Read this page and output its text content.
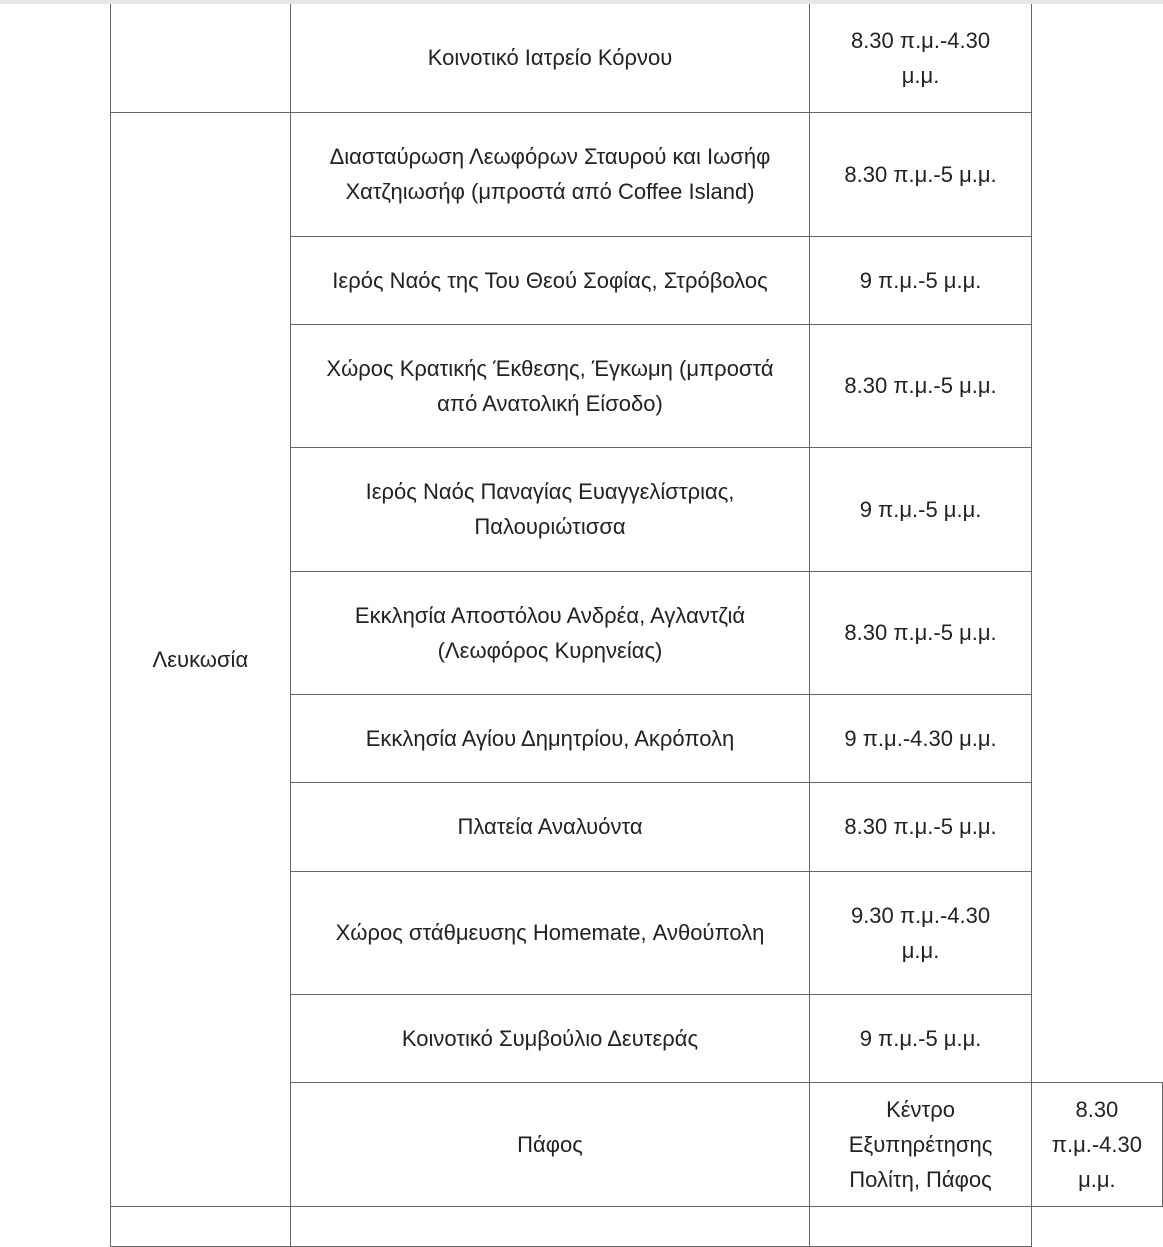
	Κοινοτικό Ιατρείο Κόρνου	8.30 π.μ.-4.30 μ.μ.	
Λευκωσία	Διασταύρωση Λεωφόρων Σταυρού και Ιωσήφ Χατζηιωσήφ (μπροστά από Coffee Island)	8.30 π.μ.-5 μ.μ.	
	Ιερός Ναός της Του Θεού Σοφίας, Στρόβολος	9 π.μ.-5 μ.μ.	
	Χώρος Κρατικής Έκθεσης, Έγκωμη (μπροστά από Ανατολική Είσοδο)	8.30 π.μ.-5 μ.μ.	
	Ιερός Ναός Παναγίας Ευαγγελίστριας, Παλουριώτισσα	9 π.μ.-5 μ.μ.	
	Εκκλησία Αποστόλου Ανδρέα, Αγλαντζιά (Λεωφόρος Κυρηνείας)	8.30 π.μ.-5 μ.μ.	
	Εκκλησία Αγίου Δημητρίου, Ακρόπολη	9 π.μ.-4.30 μ.μ.	
	Πλατεία Αναλυόντα	8.30 π.μ.-5 μ.μ.	
	Χώρος στάθμευσης Homemate, Ανθούπολη	9.30 π.μ.-4.30 μ.μ.	
	Κοινοτικό Συμβούλιο Δευτεράς	9 π.μ.-5 μ.μ.	
	Πάφος	Κέντρο Εξυπηρέτησης Πολίτη, Πάφος	8.30 π.μ.-4.30 μ.μ.
